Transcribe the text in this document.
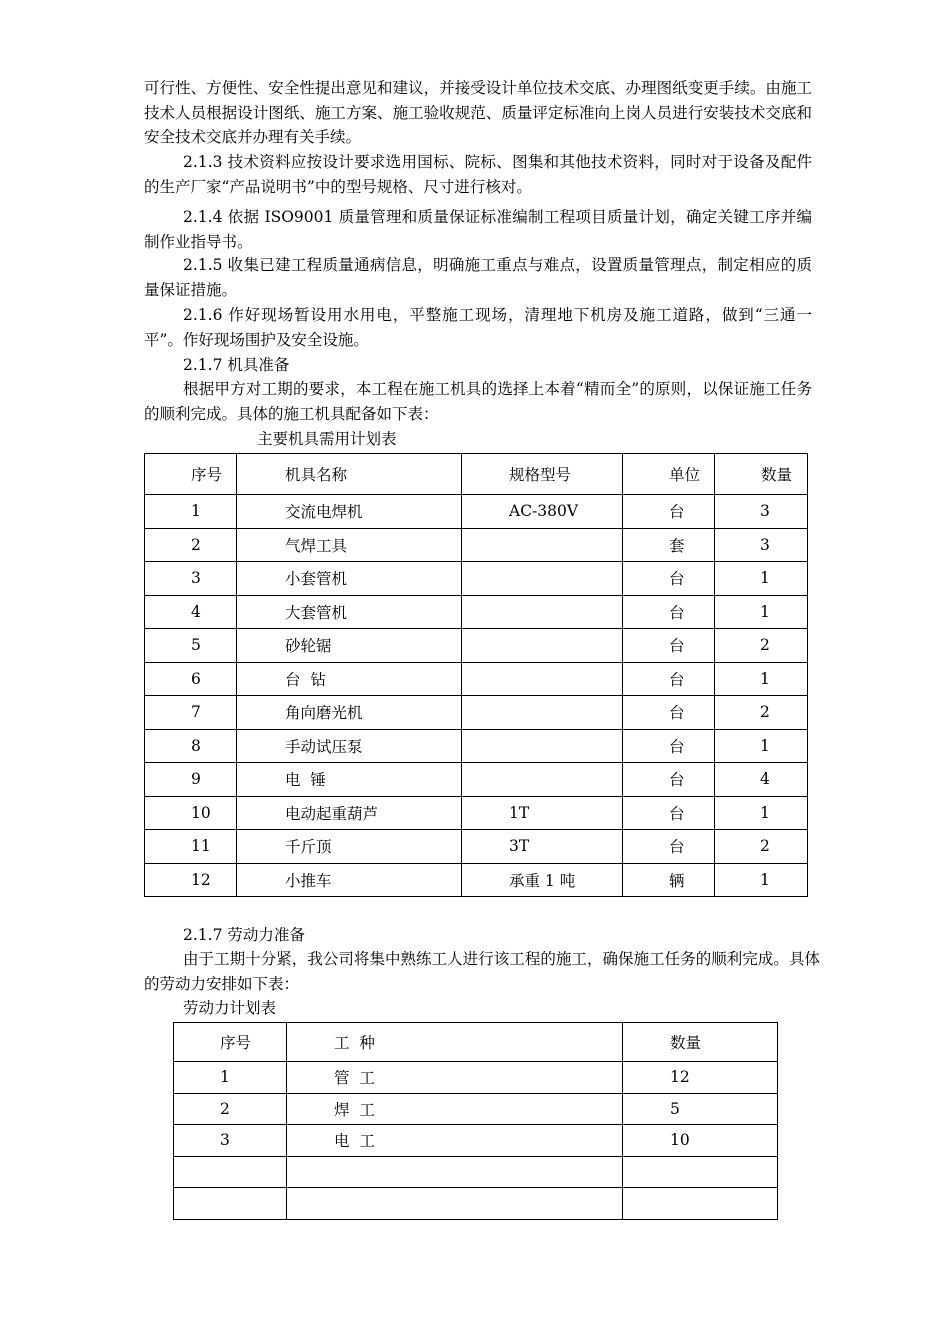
可行性、方便性、安全性提出意见和建议，并接受设计单位技术交底、办理图纸变更手续。由施工技术人员根据设计图纸、施工方案、施工验收规范、质量评定标准向上岗人员进行安装技术交底和安全技术交底并办理有关手续。

2.1.3 技术资料应按设计要求选用国标、院标、图集和其他技术资料，同时对于设备及配件的生产厂家“产品说明书”中的型号规格、尺寸进行核对。

2.1.4 依据 ISO9001 质量管理和质量保证标准编制工程项目质量计划，确定关键工序并编制作业指导书。

2.1.5 收集已建工程质量通病信息，明确施工重点与难点，设置质量管理点，制定相应的质量保证措施。

2.1.6 作好现场暂设用水用电，平整施工现场，清理地下机房及施工道路，做到“三通一平”。作好现场围护及安全设施。

2.1.7 机具准备

根据甲方对工期的要求，本工程在施工机具的选择上本着“精而全”的原则，以保证施工任务的顺利完成。具体的施工机具配备如下表：

主要机具需用计划表

序号	机具名称	规格型号	单位	数量
1	交流电焊机	AC-380V	台	3
2	气焊工具		套	3
3	小套管机		台	1
4	大套管机		台	1
5	砂轮锯		台	2
6	台  钻		台	1
7	角向磨光机		台	2
8	手动试压泵		台	1
9	电  锤		台	4
10	电动起重葫芦	1T	台	1
11	千斤顶	3T	台	2
12	小推车	承重 1 吨	辆	1

2.1.7 劳动力准备

由于工期十分紧，我公司将集中熟练工人进行该工程的施工，确保施工任务的顺利完成。具体的劳动力安排如下表：

劳动力计划表

序号	工  种	数量
1	管  工	12
2	焊  工	5
3	电  工	10
